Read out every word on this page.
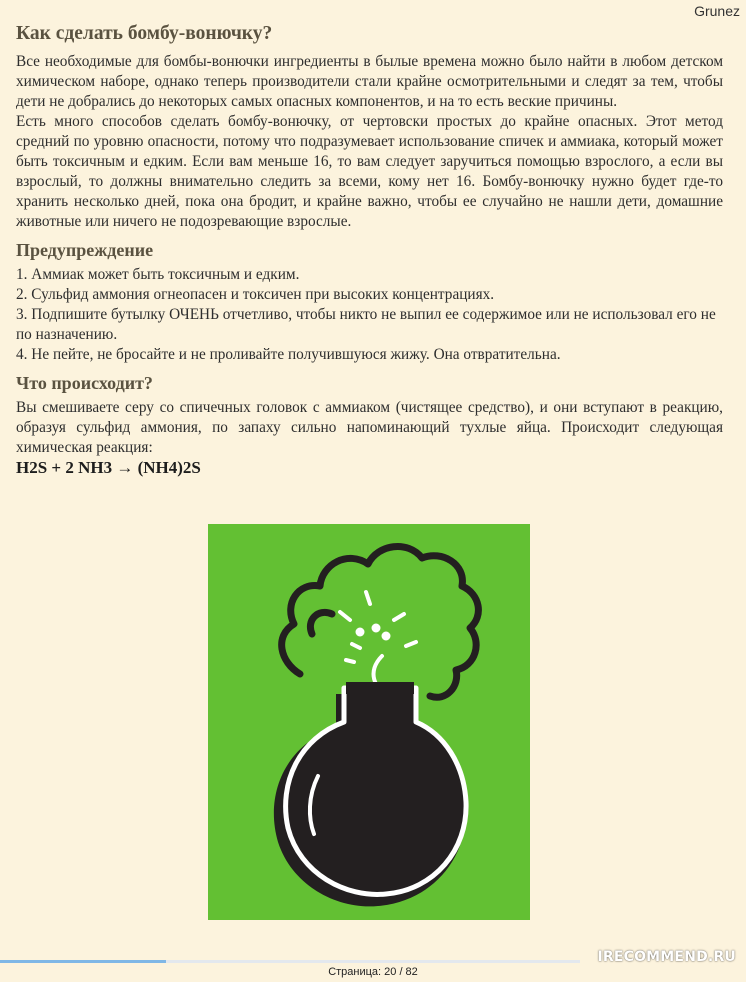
Grunez
Как сделать бомбу-вонючку?

Все необходимые для бомбы-вонючки ингредиенты в былые времена можно было найти в любом детском химическом наборе, однако теперь производители стали крайне осмотрительными и следят за тем, чтобы дети не добрались до некоторых самых опасных компонентов, и на то есть веские причины.

Есть много способов сделать бомбу-вонючку, от чертовски простых до крайне опасных. Этот метод средний по уровню опасности, потому что подразумевает использование спичек и аммиака, который может быть токсичным и едким. Если вам меньше 16, то вам следует заручиться помощью взрослого, а если вы взрослый, то должны внимательно следить за всеми, кому нет 16. Бомбу-вонючку нужно будет где-то хранить несколько дней, пока она бродит, и крайне важно, чтобы ее случайно не нашли дети, домашние животные или ничего не подозревающие взрослые.

Предупреждение

1. Аммиак может быть токсичным и едким.

2. Сульфид аммония огнеопасен и токсичен при высоких концентрациях.

3. Подпишите бутылку ОЧЕНЬ отчетливо, чтобы никто не выпил ее содержимое или не использовал его не по назначению.

4. Не пейте, не бросайте и не проливайте получившуюся жижу. Она отвратительна.

Что происходит?

Вы смешиваете серу со спичечных головок с аммиаком (чистящее средство), и они вступают в реакцию, образуя сульфид аммония, по запаху сильно напоминающий тухлые яйца. Происходит следующая химическая реакция:

H2S + 2 NH3 → (NH4)2S
Страница: 20 / 82
IRECOMMEND.RU
